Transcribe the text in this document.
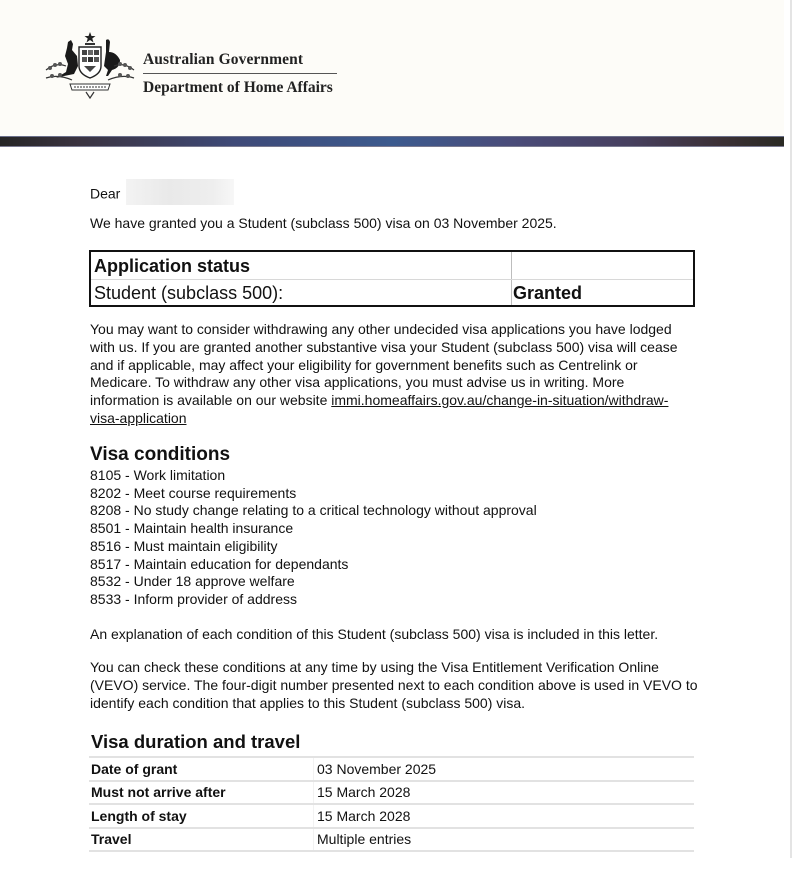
Australian Government
Department of Home Affairs
Dear
We have granted you a Student (subclass 500) visa on 03 November 2025.
Application status
Student (subclass 500):	Granted
You may want to consider withdrawing any other undecided visa applications you have lodged with us. If you are granted another substantive visa your Student (subclass 500) visa will cease and if applicable, may affect your eligibility for government benefits such as Centrelink or Medicare. To withdraw any other visa applications, you must advise us in writing. More information is available on our website immi.homeaffairs.gov.au/change-in-situation/withdraw-visa-application
Visa conditions
8105 - Work limitation
8202 - Meet course requirements
8208 - No study change relating to a critical technology without approval
8501 - Maintain health insurance
8516 - Must maintain eligibility
8517 - Maintain education for dependants
8532 - Under 18 approve welfare
8533 - Inform provider of address
An explanation of each condition of this Student (subclass 500) visa is included in this letter.
You can check these conditions at any time by using the Visa Entitlement Verification Online (VEVO) service. The four-digit number presented next to each condition above is used in VEVO to identify each condition that applies to this Student (subclass 500) visa.
Visa duration and travel
Date of grant	03 November 2025
Must not arrive after	15 March 2028
Length of stay	15 March 2028
Travel	Multiple entries
